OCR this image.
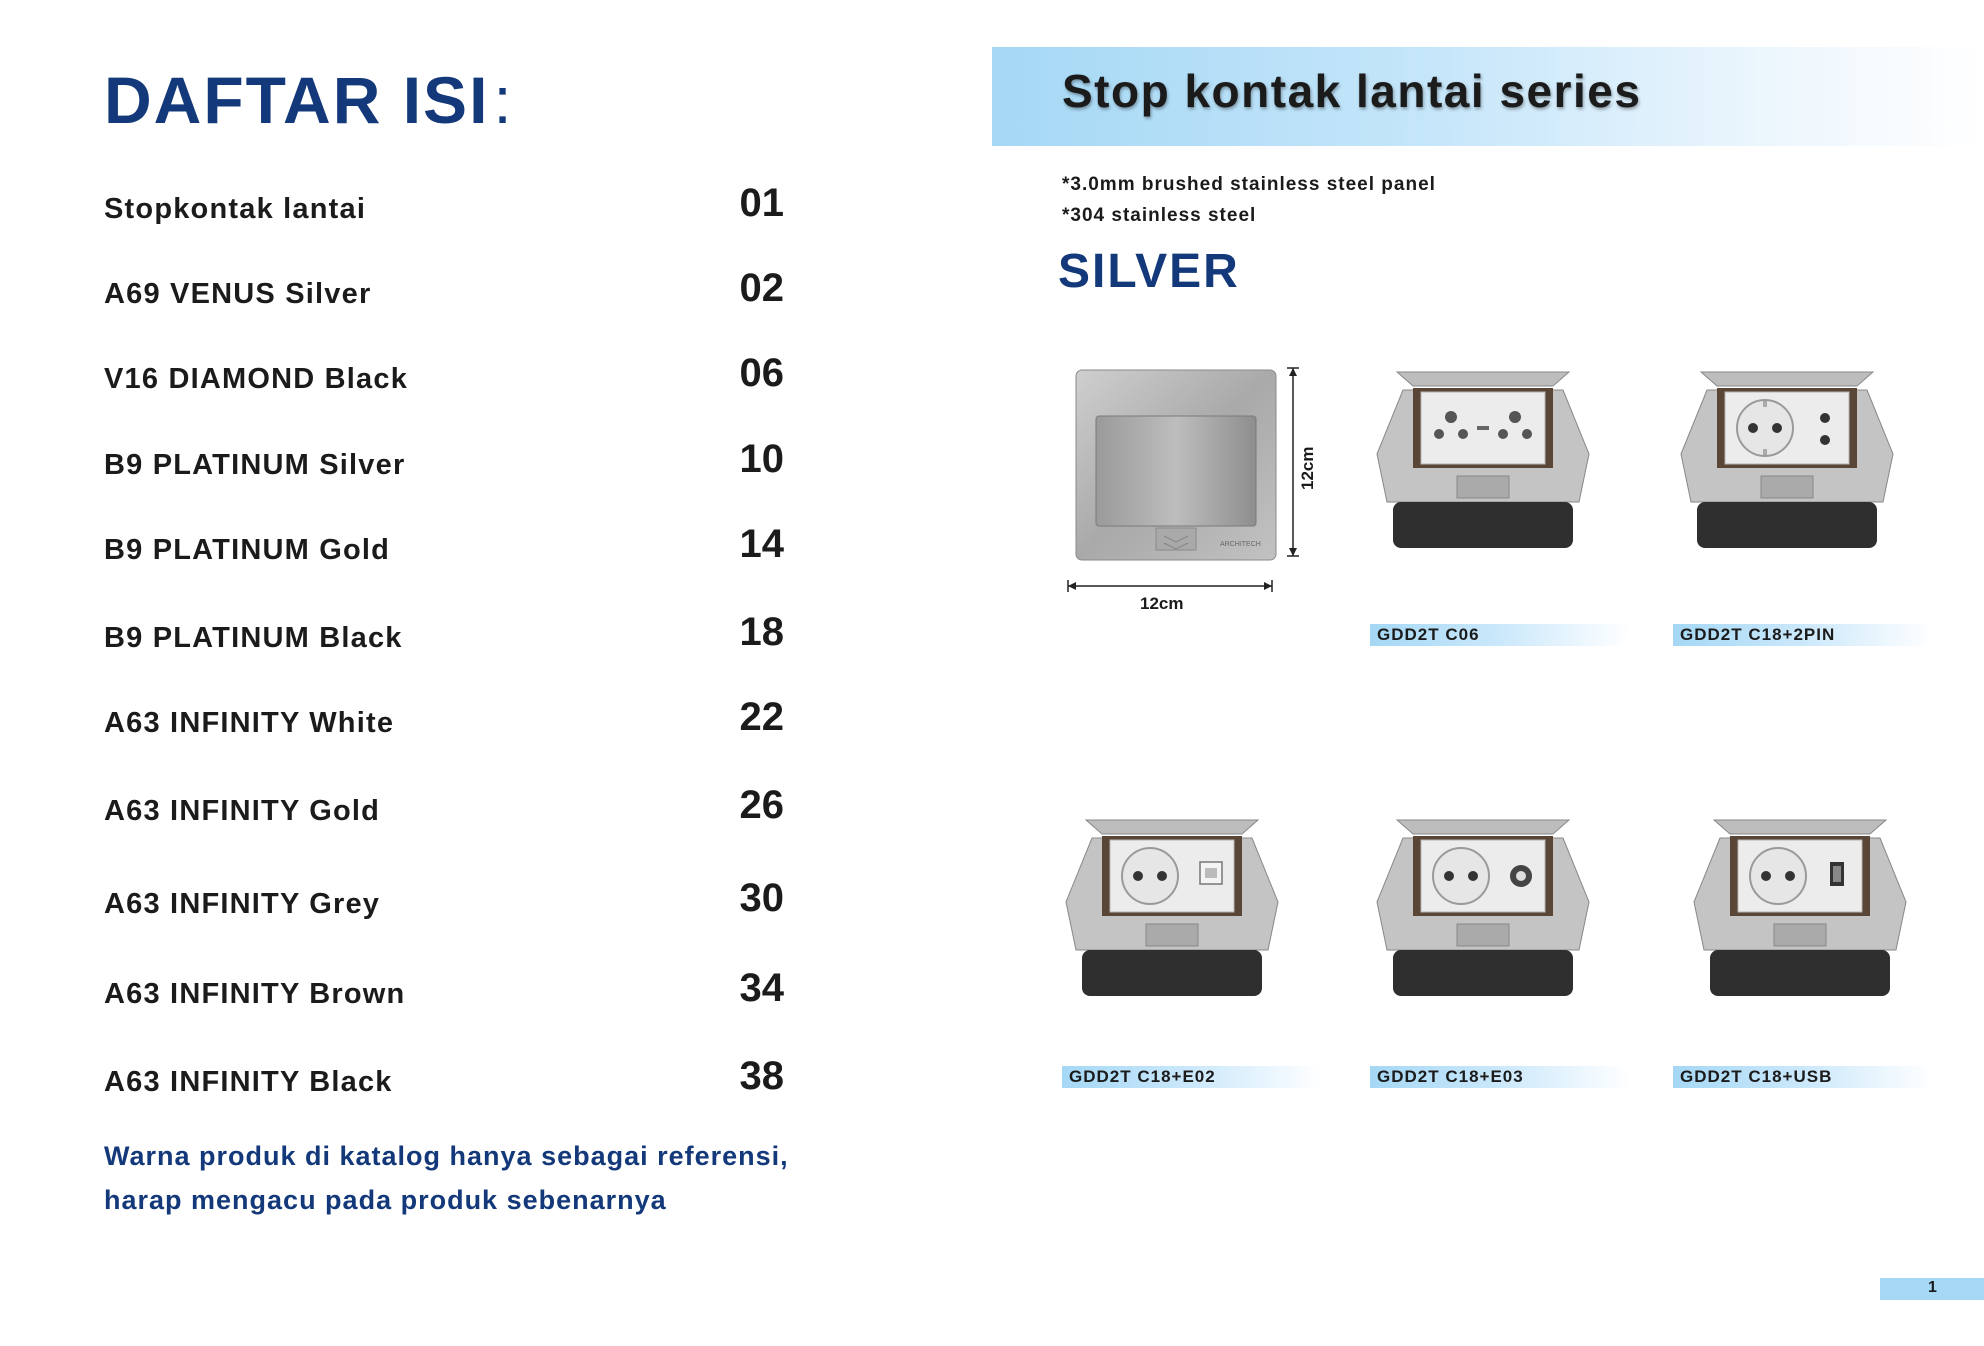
DAFTAR ISI:
Stopkontak lantai	01
A69 VENUS Silver	02
V16 DIAMOND Black	06
B9 PLATINUM Silver	10
B9 PLATINUM Gold	14
B9 PLATINUM Black	18
A63 INFINITY White	22
A63 INFINITY Gold	26
A63 INFINITY Grey	30
A63 INFINITY Brown	34
A63 INFINITY Black	38
Warna produk di katalog hanya sebagai referensi,
harap mengacu pada produk sebenarnya
Stop kontak lantai series
*3.0mm brushed stainless steel panel
*304 stainless steel
SILVER
ARCHITECH
12cm
12cm
GDD2T C06	GDD2T C18+2PIN
GDD2T C18+E02	GDD2T C18+E03	GDD2T C18+USB
1
